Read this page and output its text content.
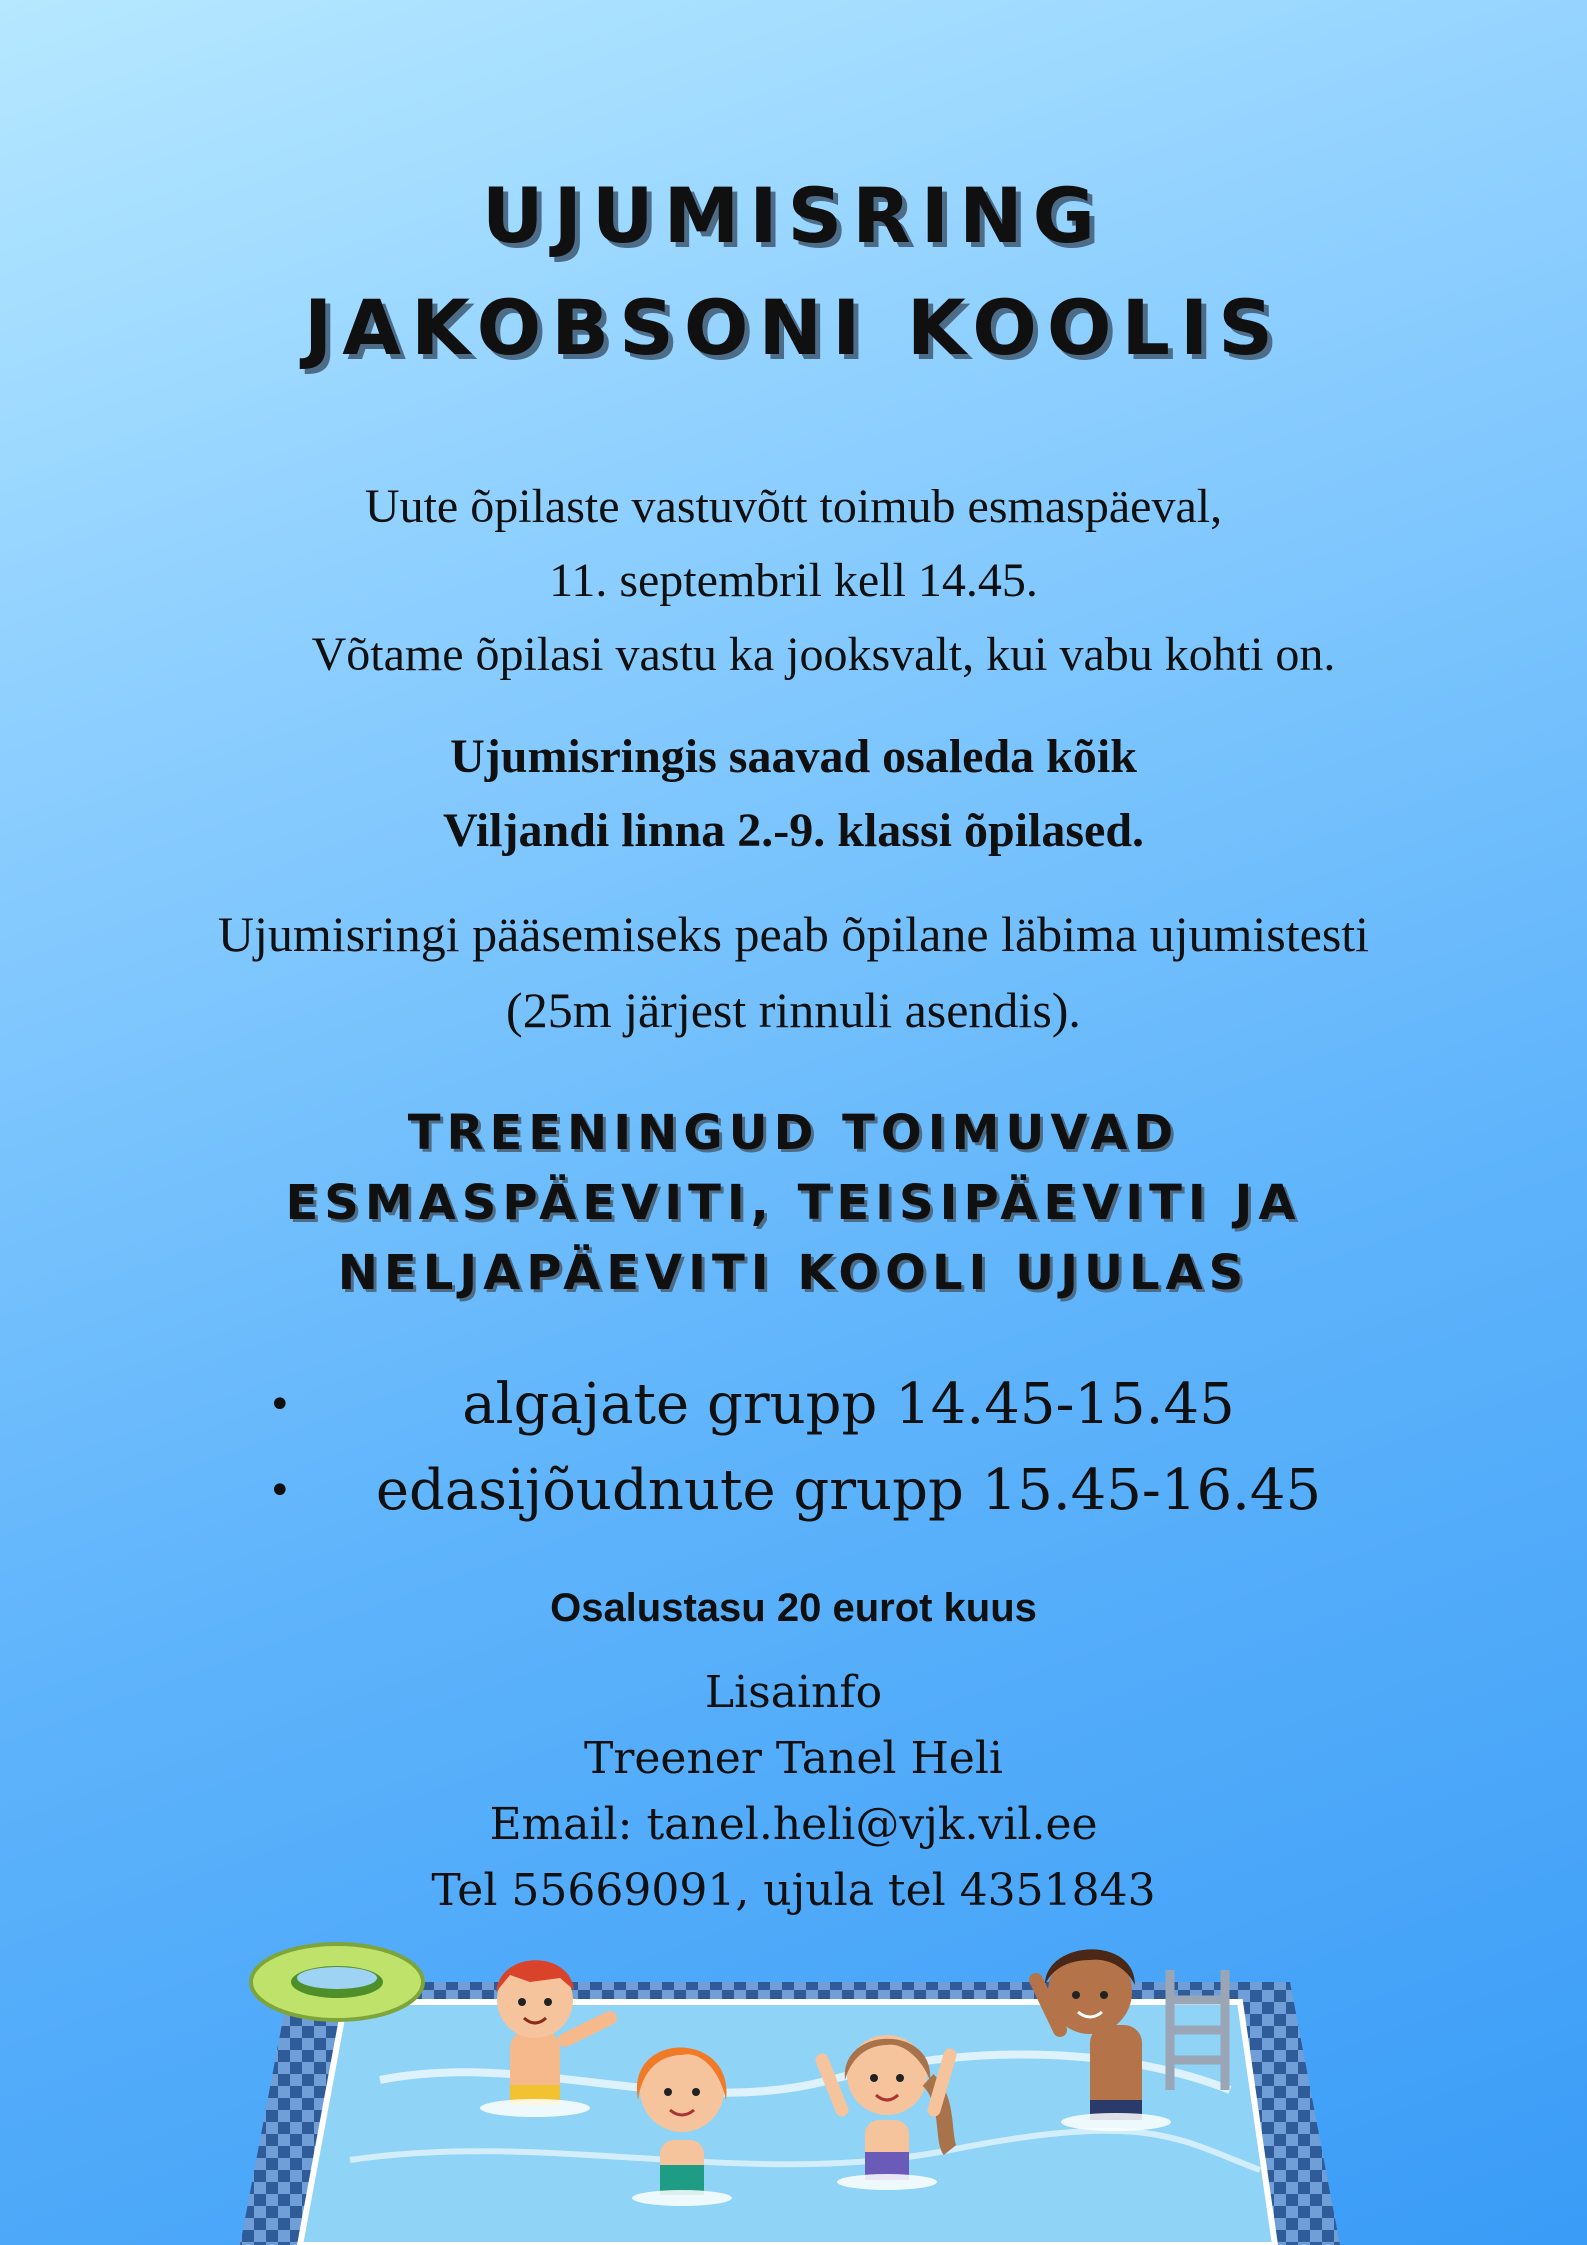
UJUMISRING
JAKOBSONI KOOLIS

Uute õpilaste vastuvõtt toimub esmaspäeval,
11. septembril kell 14.45.
Võtame õpilasi vastu ka jooksvalt, kui vabu kohti on.

Ujumisringis saavad osaleda kõik
Viljandi linna 2.-9. klassi õpilased.

Ujumisringi pääsemiseks peab õpilane läbima ujumistesti
(25m järjest rinnuli asendis).

TREENINGUD TOIMUVAD
ESMASPÄEVITI, TEISIPÄEVITI JA
NELJAPÄEVITI KOOLI UJULAS
•	algajate grupp 14.45-15.45
• edasijõudnute grupp 15.45-16.45

Osalustasu 20 eurot kuus

Lisainfo
Treener Tanel Heli
Email: tanel.heli@vjk.vil.ee
Tel 55669091, ujula tel 4351843
